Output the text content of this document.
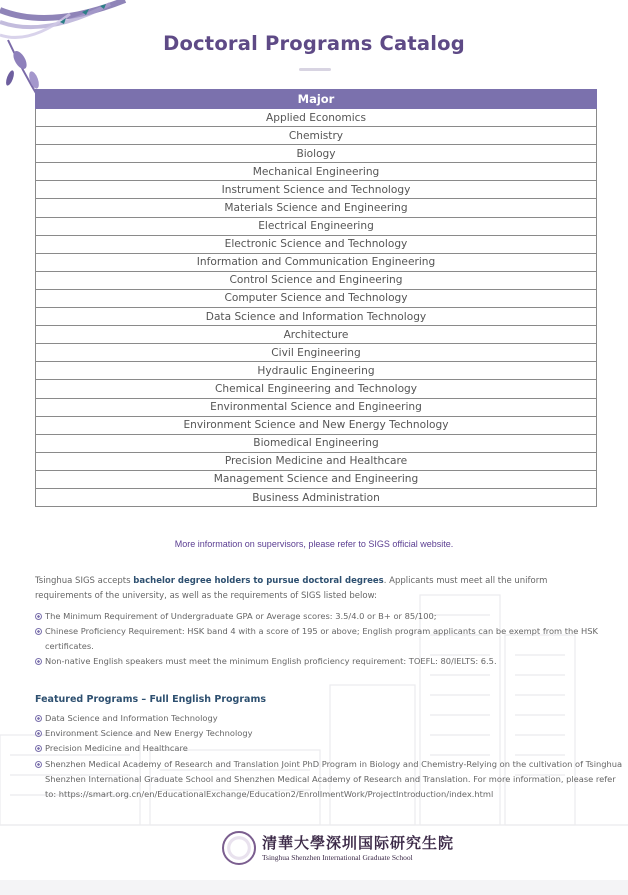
Doctoral Programs Catalog
Major
Applied Economics
Chemistry
Biology
Mechanical Engineering
Instrument Science and Technology
Materials Science and Engineering
Electrical Engineering
Electronic Science and Technology
Information and Communication Engineering
Control Science and Engineering
Computer Science and Technology
Data Science and Information Technology
Architecture
Civil Engineering
Hydraulic Engineering
Chemical Engineering and Technology
Environmental Science and Engineering
Environment Science and New Energy Technology
Biomedical Engineering
Precision Medicine and Healthcare
Management Science and Engineering
Business Administration
More information on supervisors, please refer to SIGS official website.

Tsinghua SIGS accepts bachelor degree holders to pursue doctoral degrees. Applicants must meet all the uniform requirements of the university, as well as the requirements of SIGS listed below:

The Minimum Requirement of Undergraduate GPA or Average scores: 3.5/4.0 or B+ or 85/100;
Chinese Proficiency Requirement: HSK band 4 with a score of 195 or above; English program applicants can be exempt from the HSK certificates.
Non-native English speakers must meet the minimum English proficiency requirement: TOEFL: 80/IELTS: 6.5.
Featured Programs – Full English Programs
Data Science and Information Technology
Environment Science and New Energy Technology
Precision Medicine and Healthcare
Shenzhen Medical Academy of Research and Translation Joint PhD Program in Biology and Chemistry-Relying on the cultivation of Tsinghua Shenzhen International Graduate School and Shenzhen Medical Academy of Research and Translation. For more information, please refer to: https://smart.org.cn/en/EducationalExchange/Education2/EnrollmentWork/ProjectIntroduction/index.html
清華大學深圳国际研究生院
Tsinghua Shenzhen International Graduate School
